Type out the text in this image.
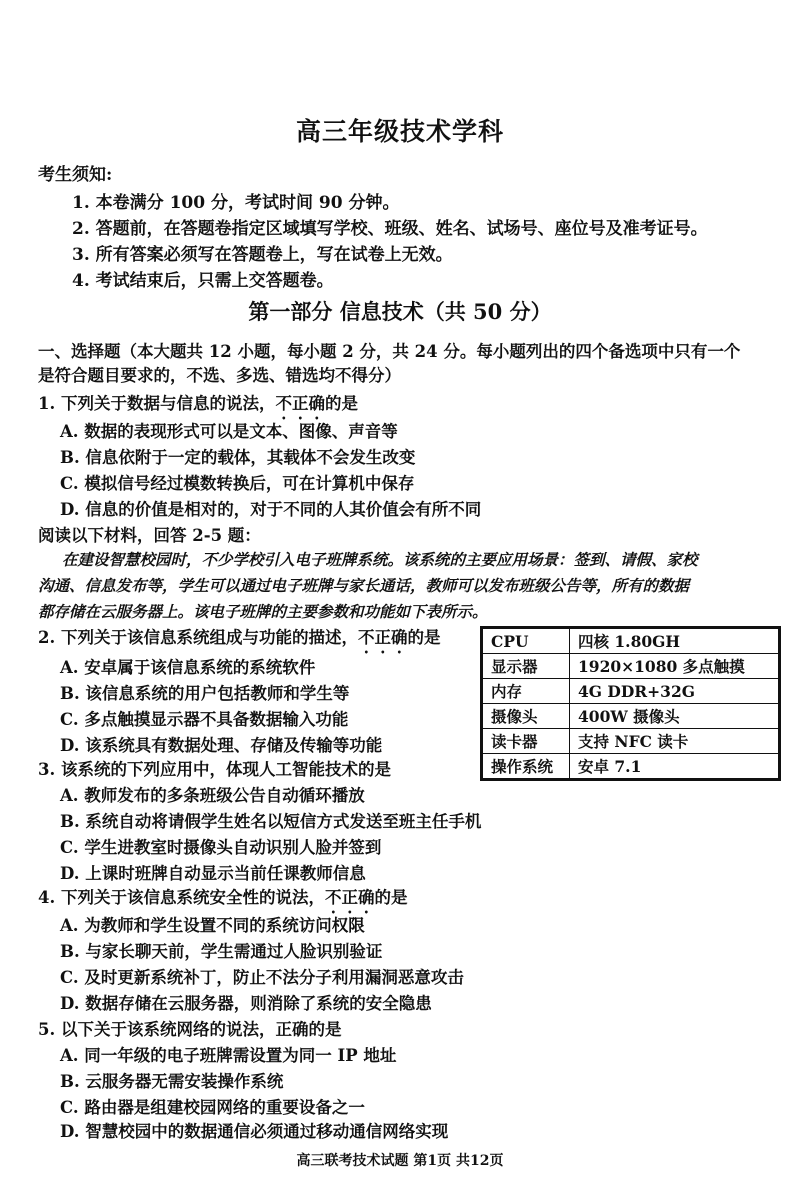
高三年级技术学科
考生须知:
1. 本卷满分 100 分，考试时间 90 分钟。
2. 答题前，在答题卷指定区域填写学校、班级、姓名、试场号、座位号及准考证号。
3. 所有答案必须写在答题卷上，写在试卷上无效。
4. 考试结束后，只需上交答题卷。
第一部分 信息技术（共 50 分）
一、选择题（本大题共 12 小题，每小题 2 分，共 24 分。每小题列出的四个备选项中只有一个
是符合题目要求的，不选、多选、错选均不得分）
1. 下列关于数据与信息的说法，不正确的是
A. 数据的表现形式可以是文本、图像、声音等
B. 信息依附于一定的载体，其载体不会发生改变
C. 模拟信号经过模数转换后，可在计算机中保存
D. 信息的价值是相对的，对于不同的人其价值会有所不同
阅读以下材料，回答 2-5 题：
在建设智慧校园时，不少学校引入电子班牌系统。该系统的主要应用场景：签到、请假、家校
沟通、信息发布等，学生可以通过电子班牌与家长通话，教师可以发布班级公告等，所有的数据
都存储在云服务器上。该电子班牌的主要参数和功能如下表所示。
2. 下列关于该信息系统组成与功能的描述，不正确的是
A. 安卓属于该信息系统的系统软件
B. 该信息系统的用户包括教师和学生等
C. 多点触摸显示器不具备数据输入功能
D. 该系统具有数据处理、存储及传输等功能
CPU	四核 1.80GH
显示器	1920×1080 多点触摸
内存	4G DDR+32G
摄像头	400W 摄像头
读卡器	支持 NFC 读卡
操作系统	安卓 7.1
3. 该系统的下列应用中，体现人工智能技术的是
A. 教师发布的多条班级公告自动循环播放
B. 系统自动将请假学生姓名以短信方式发送至班主任手机
C. 学生进教室时摄像头自动识别人脸并签到
D. 上课时班牌自动显示当前任课教师信息
4. 下列关于该信息系统安全性的说法，不正确的是
A. 为教师和学生设置不同的系统访问权限
B. 与家长聊天前，学生需通过人脸识别验证
C. 及时更新系统补丁，防止不法分子利用漏洞恶意攻击
D. 数据存储在云服务器，则消除了系统的安全隐患
5. 以下关于该系统网络的说法，正确的是
A. 同一年级的电子班牌需设置为同一 IP 地址
B. 云服务器无需安装操作系统
C. 路由器是组建校园网络的重要设备之一
D. 智慧校园中的数据通信必须通过移动通信网络实现
高三联考技术试题 第1页 共12页
